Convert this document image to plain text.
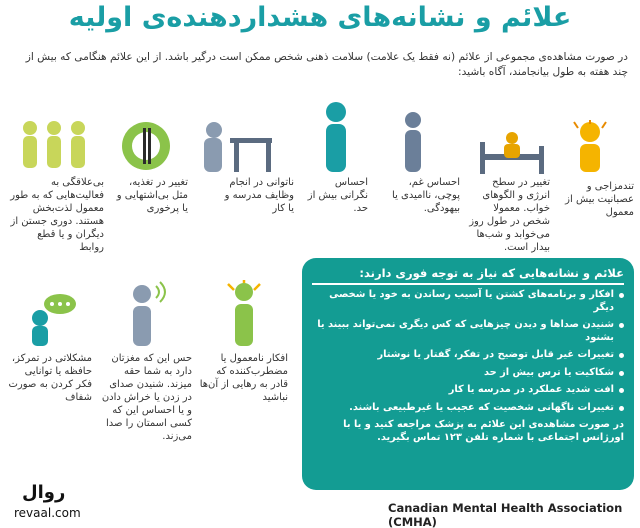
علائم و نشانه‌های هشداردهنده‌ی اولیه
در صورت مشاهده‌ی مجموعی از علائم (نه فقط یک علامت) سلامت ذهنی شخص ممکن است درگیر باشد. از این علائم هنگامی که بیش از چند هفته به طول بیانجامند، آگاه باشید:
تندمزاجی و عصبانیت بیش از معمول
تغییر در سطح انرژی و الگوهای خواب. معمولا شخص در طول روز می‌خوابد و شب‌ها بیدار است.
احساس غم، پوچی، ناامیدی یا بیهودگی.
احساس نگرانی بیش از حد.
ناتوانی در انجام وظایف مدرسه و یا کار
تغییر در تغذیه، مثل بی‌اشتهایی و یا پرخوری
بی‌علاقگی به فعالیت‌هایی که به طور معمول لذت‌بخش هستند. دوری جستن از دیگران و یا قطع روابط
افکار نامعمول یا مضطرب‌کننده که قادر به رهایی از آن‌ها نباشید
حس این که مغزتان دارد به شما حقه میزند. شنیدن صدای در زدن یا خراش دادن و یا احساس این که کسی اسمتان را صدا می‌زند.
مشکلاتی در تمرکز، حافظه یا توانایی فکر کردن به صورت شفاف
علائم و نشانه‌هایی که نیاز به توجه فوری دارند:
افکار و برنامه‌های کشتن یا آسیب رساندن به خود یا شخصی دیگر
شنیدن صداها و دیدن چیزهایی که کس دیگری نمی‌تواند ببیند یا بشنود
تغییرات غیر قابل توضیح در تفکر، گفتار یا نوشتار
شکاکیت یا ترس بیش از حد
افت شدید عملکرد در مدرسه یا کار
تغییرات ناگهانی شخصیت که عجیب یا غیرطبیعی باشند.
در صورت مشاهده‌ی این علائم به پزشک مراجعه کنید و یا با اورژانس اجتماعی با شماره تلفن ۱۲۳ تماس بگیرید.
روال
revaal.com	Canadian Mental Health Association (CMHA)
